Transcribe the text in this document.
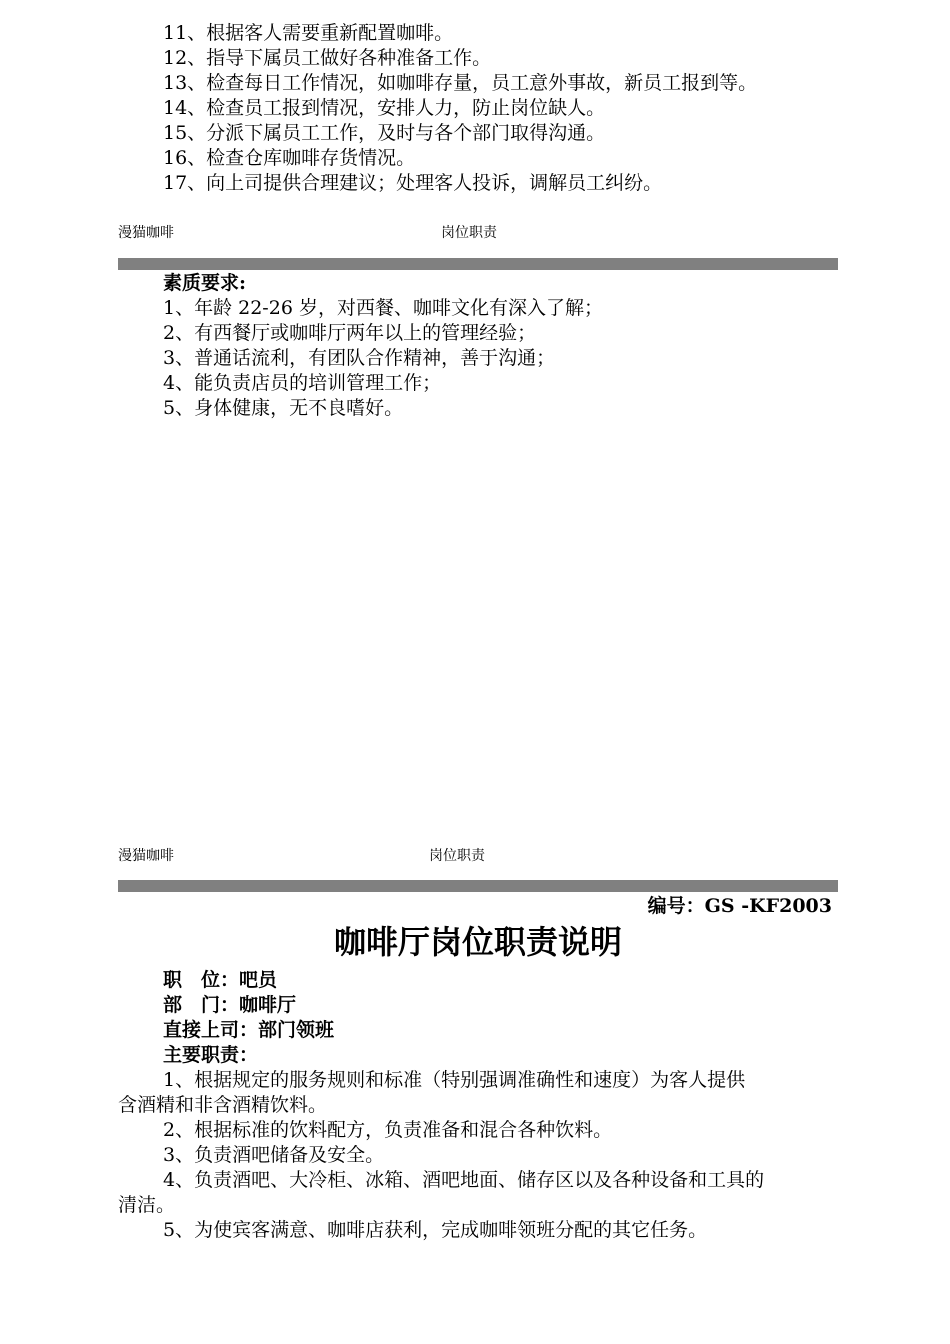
11、根据客人需要重新配置咖啡。
12、指导下属员工做好各种准备工作。
13、检查每日工作情况，如咖啡存量，员工意外事故，新员工报到等。
14、检查员工报到情况，安排人力，防止岗位缺人。
15、分派下属员工工作，及时与各个部门取得沟通。
16、检查仓库咖啡存货情况。
17、向上司提供合理建议；处理客人投诉，调解员工纠纷。
漫猫咖啡	岗位职责
素质要求:
1、年龄 22-26 岁，对西餐、咖啡文化有深入了解；
2、有西餐厅或咖啡厅两年以上的管理经验；
3、普通话流利，有团队合作精神，善于沟通；
4、能负责店员的培训管理工作；
5、身体健康，无不良嗜好。
漫猫咖啡	岗位职责
编号：GS -KF2003
咖啡厅岗位职责说明
职　位：吧员
部　门：咖啡厅
直接上司：部门领班
主要职责：
1、根据规定的服务规则和标准（特别强调准确性和速度）为客人提供
含酒精和非含酒精饮料。
2、根据标准的饮料配方，负责准备和混合各种饮料。
3、负责酒吧储备及安全。
4、负责酒吧、大冷柜、冰箱、酒吧地面、储存区以及各种设备和工具的
清洁。
5、为使宾客满意、咖啡店获利，完成咖啡领班分配的其它任务。
